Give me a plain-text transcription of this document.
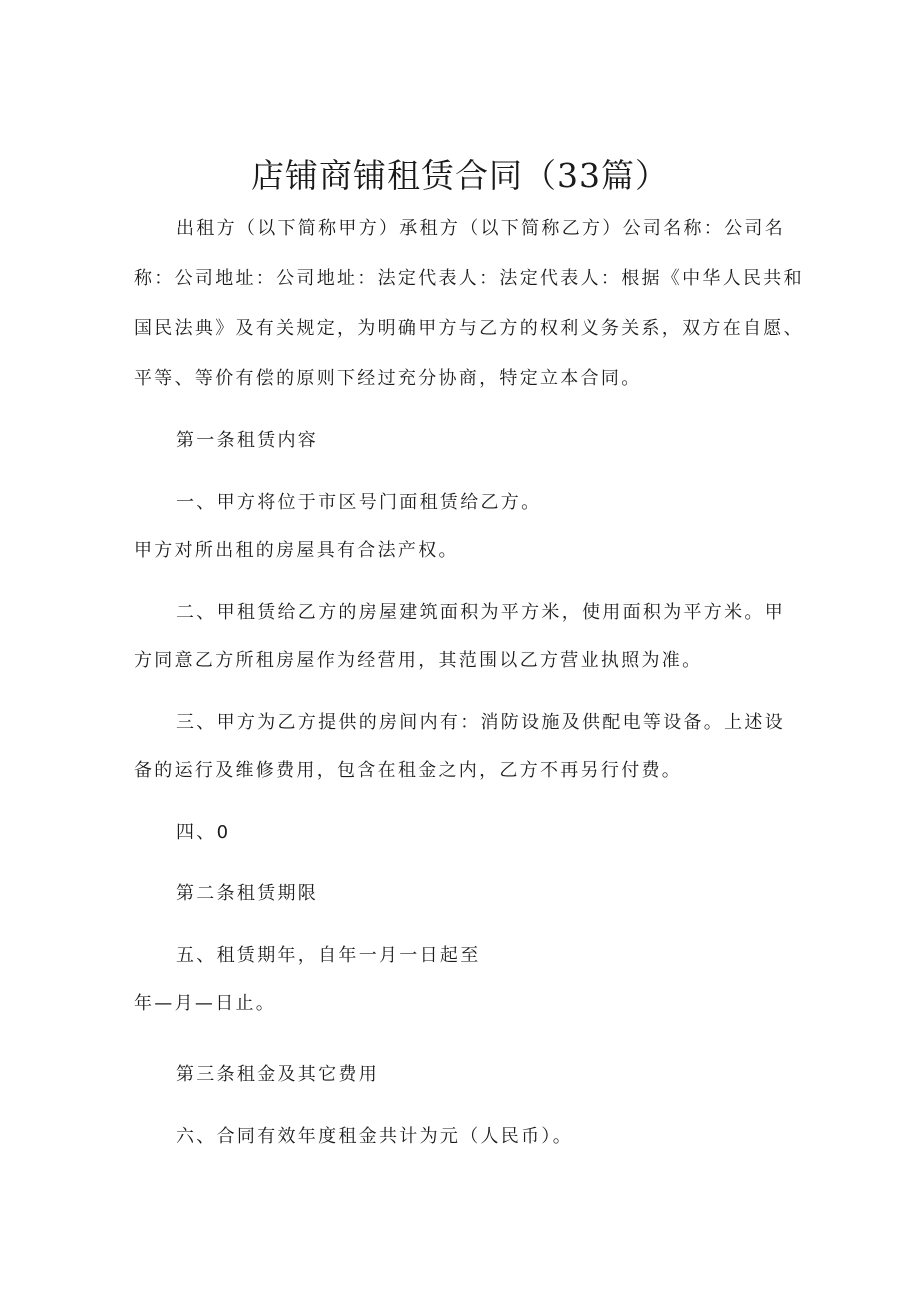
店铺商铺租赁合同（33篇）
出租方（以下简称甲方）承租方（以下简称乙方）公司名称：公司名
称：公司地址：公司地址：法定代表人：法定代表人：根据《中华人民共和
国民法典》及有关规定，为明确甲方与乙方的权利义务关系，双方在自愿、
平等、等价有偿的原则下经过充分协商，特定立本合同。
第一条租赁内容
一、甲方将位于市区号门面租赁给乙方。
甲方对所出租的房屋具有合法产权。
二、甲租赁给乙方的房屋建筑面积为平方米，使用面积为平方米。甲
方同意乙方所租房屋作为经营用，其范围以乙方营业执照为准。
三、甲方为乙方提供的房间内有：消防设施及供配电等设备。上述设
备的运行及维修费用，包含在租金之内，乙方不再另行付费。
四、0
第二条租赁期限
五、租赁期年，自年一月一日起至
年—月—日止。
第三条租金及其它费用
六、合同有效年度租金共计为元（人民币）。
